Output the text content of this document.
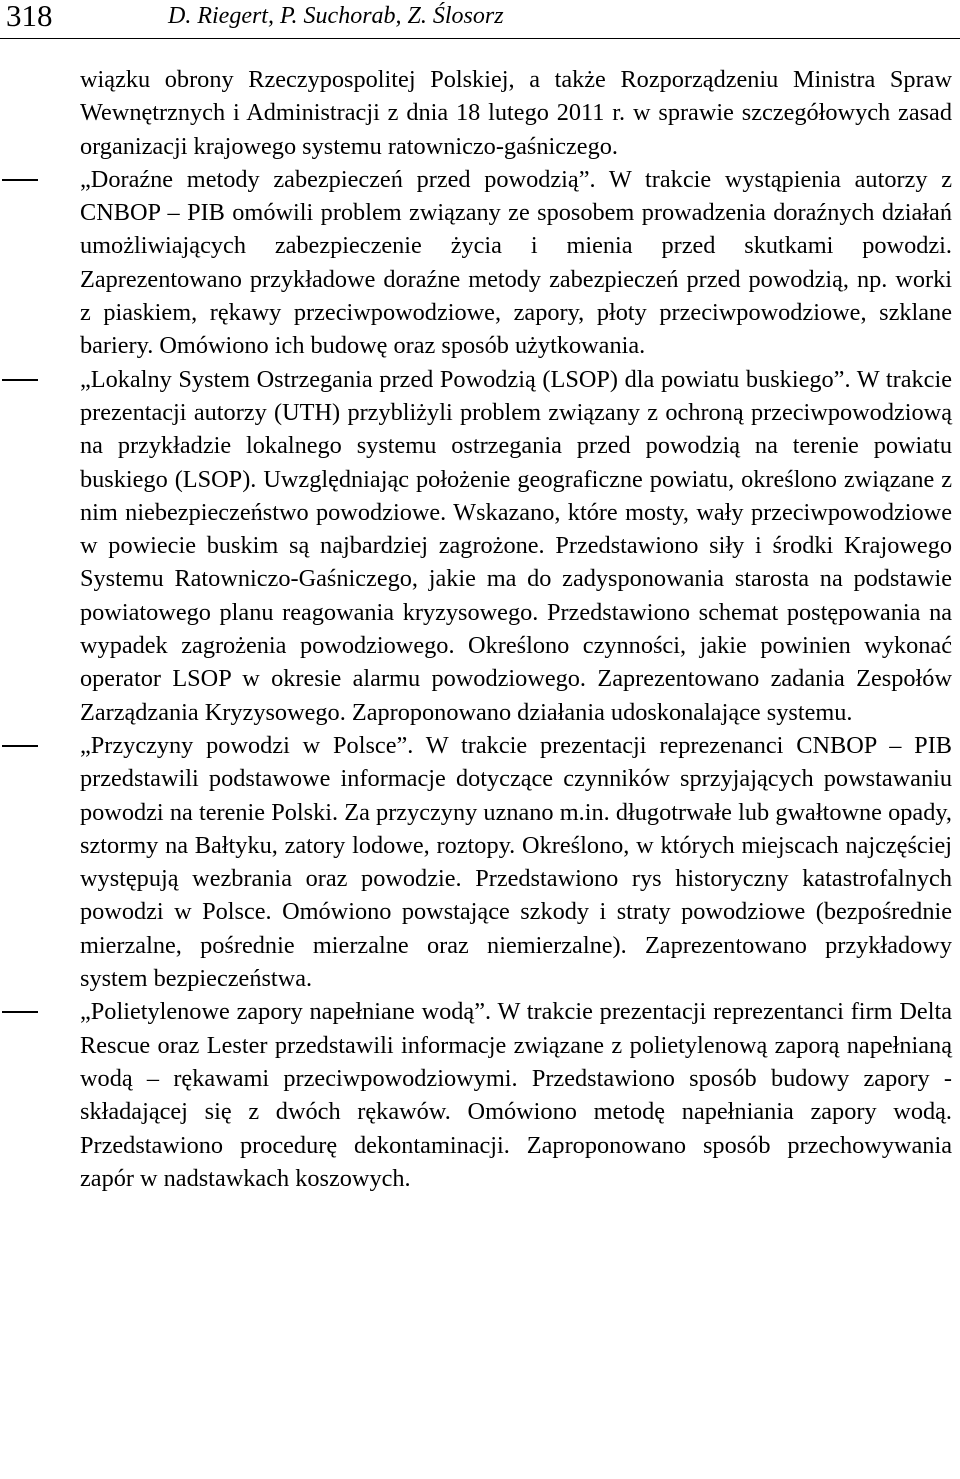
318	D. Riegert, P. Suchorab, Z. Ślosorz

wiązku obrony Rzeczypospolitej Polskiej, a także Rozporządzeniu Ministra Spraw Wewnętrznych i Administracji z dnia 18 lutego 2011 r. w sprawie szczegółowych zasad organizacji krajowego systemu ratowniczo-gaśniczego.

„Doraźne metody zabezpieczeń przed powodzią”. W trakcie wystąpienia autorzy z CNBOP – PIB omówili problem związany ze sposobem prowadzenia doraźnych działań umożliwiających zabezpieczenie życia i mienia przed skutkami powodzi. Zaprezentowano przykładowe doraźne metody zabezpieczeń przed powodzią, np. worki z piaskiem, rękawy przeciwpowodziowe, zapory, płoty przeciwpowodziowe, szklane bariery. Omówiono ich budowę oraz sposób użytkowania.

„Lokalny System Ostrzegania przed Powodzią (LSOP) dla powiatu buskiego”. W trakcie prezentacji autorzy (UTH) przybliżyli problem związany z ochroną przeciwpowodziową na przykładzie lokalnego systemu ostrzegania przed powodzią na terenie powiatu buskiego (LSOP). Uwzględniając położenie geograficzne powiatu, określono związane z nim niebezpieczeństwo powodziowe. Wskazano, które mosty, wały przeciwpowodziowe w powiecie buskim są najbardziej zagrożone. Przedstawiono siły i środki Krajowego Systemu Ratowniczo-Gaśniczego, jakie ma do zadysponowania starosta na podstawie powiatowego planu reagowania kryzysowego. Przedstawiono schemat postępowania na wypadek zagrożenia powodziowego. Określono czynności, jakie powinien wykonać operator LSOP w okresie alarmu powodziowego. Zaprezentowano zadania Zespołów Zarządzania Kryzysowego. Zaproponowano działania udoskonalające systemu.

„Przyczyny powodzi w Polsce”. W trakcie prezentacji reprezenanci CNBOP – PIB przedstawili podstawowe informacje dotyczące czynników sprzyjających powstawaniu powodzi na terenie Polski. Za przyczyny uznano m.in. długotrwałe lub gwałtowne opady, sztormy na Bałtyku, zatory lodowe, roztopy. Określono, w których miejscach najczęściej występują wezbrania oraz powodzie. Przedstawiono rys historyczny katastrofalnych powodzi w Polsce. Omówiono powstające szkody i straty powodziowe (bezpośrednie mierzalne, pośrednie mierzalne oraz niemierzalne). Zaprezentowano przykładowy system bezpieczeństwa.

„Polietylenowe zapory napełniane wodą”. W trakcie prezentacji reprezentanci firm Delta Rescue oraz Lester przedstawili informacje związane z polietylenową zaporą napełnianą wodą – rękawami przeciwpowodziowymi. Przedstawiono sposób budowy zapory - składającej się z dwóch rękawów. Omówiono metodę napełniania zapory wodą. Przedstawiono procedurę dekontaminacji. Zaproponowano sposób przechowywania zapór w nadstawkach koszowych.
